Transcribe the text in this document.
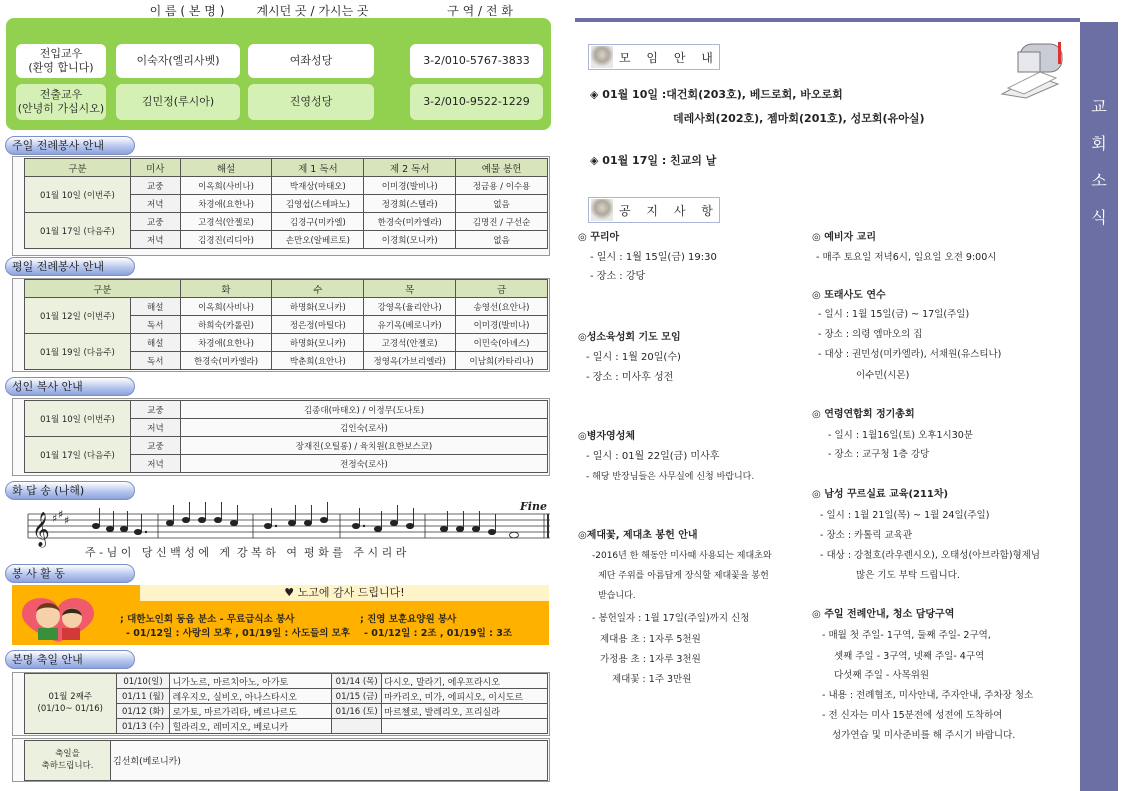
이 름 ( 본 명 )	계시던 곳 / 가시는 곳	구 역 / 전 화
전입교우
(환영 합니다)
이숙자(엘리사벳)	여좌성당	3-2/010-5767-3833
전출교우
(안녕히 가십시오)
김민정(루시아)	진영성당	3-2/010-9522-1229
주일 전례봉사 안내
구분	미사	해설	제 1 독서	제 2 독서	예물 봉헌
01월 10일 (이번주)	교중	이옥희(사비나)	박재상(마태오)	이미경(발비나)	정금용 / 이수용
	저녁	차경애(요한나)	김영섭(스테파노)	정경희(스텔라)	없음
01월 17일 (다음주)	교중	고경석(안젤로)	김경구(미카엘)	한경숙(미카엘라)	김명진 / 구선순
	저녁	김경진(리디아)	손만오(알베르토)	이경희(모니카)	없음
평일 전례봉사 안내
구분		화	수	목	금
01월 12일 (이번주)	해설	이옥희(사비나)	하명화(모니카)	강영옥(율리안나)	송영선(요안나)
	독서	하희숙(카롤린)	정은정(마틸다)	유기옥(베로니카)	이미경(발비나)
01월 19일 (다음주)	해설	차경애(요한나)	하명화(모니카)	고경석(안젤로)	이민숙(아녜스)
	독서	한경숙(미카엘라)	박춘희(요안나)	정영옥(가브리엘라)	이남희(카타리나)
성인 복사 안내
01월 10일 (이번주)	교중	김종대(마태오) / 이정무(도나토)
	저녁	김인숙(로사)
01월 17일 (다음주)	교중	장재진(오틸롱) / 육치원(요한보스코)
	저녁	전정숙(로사)
화 답 송 (나해)
𝄞 ♯ ♯ ♯
Fine
주 - 님 이   당 신 백 성 에   게  강 복 하   여  평 화 를   주 시 리 라
봉 사 활 동
♥ 노고에 감사 드립니다!
; 대한노인회 동읍 분소 - 무료급식소 봉사
- 01/12일 : 사랑의 모후 , 01/19일 : 사도들의 모후
; 진영 보훈요양원 봉사
- 01/12일 : 2조 , 01/19일 : 3조
본명 축일 안내
01월 2째주
(01/10~ 01/16)	01/10(일)	니가노르, 마르치아노, 아가토	01/14 (목)	다시오, 말라기, 에우프라시오
	01/11 (월)	레우지오, 실비오, 아나스타시오	01/15 (금)	마카리오, 미가, 에피시오, 이시도르
	01/12 (화)	로가토, 마르가리타, 베르나르도	01/16 (토)	마르첼로, 발레리오, 프리실라
	01/13 (수)	힐라리오, 레미지오, 베로니카		
축일을
축하드립니다.	김선희(베로니카)
교
회
소
식
모 임 안 내
◈ 01월 10일 :대건회(203호), 베드로회, 바오로회
데레사회(202호), 젬마회(201호), 성모회(유아실)
◈ 01월 17일 : 친교의 날
공 지 사 항
◎ 꾸리아
- 일시 : 1월 15일(금) 19:30
- 장소 : 강당
◎성소육성회 기도 모임
- 일시 : 1월 20일(수)
- 장소 : 미사후 성전
◎병자영성체
- 일시 : 01월 22일(금) 미사후
- 해당 반장님들은 사무실에 신청 바랍니다.
◎제대꽃, 제대초 봉헌 안내
-2016년 한 해동안 미사때 사용되는 제대초와
제단 주위를 아름답게 장식할 제대꽃을 봉헌
받습니다.
- 봉헌일자 : 1월 17일(주일)까지 신청
제대용 초 : 1자루 5천원
가정용 초 : 1자루 3천원
제대꽃 : 1주 3만원
◎ 예비자 교리
- 매주 토요일 저녁6시, 일요일 오전 9:00시
◎ 또래사도 연수
- 일시 : 1월 15일(금) ~ 17일(주일)
- 장소 : 의령 엠마오의 집
- 대상 : 권민성(미카엘라), 서채원(유스티나)
이수민(시몬)
◎ 연령연합회 정기총회
- 일시 : 1월16일(토) 오후1시30분
- 장소 : 교구청 1층 강당
◎ 남성 꾸르실료 교육(211차)
- 일시 : 1월 21일(목) ~ 1월 24일(주일)
- 장소 : 카톨릭 교육관
- 대상 : 강철호(라우렌시오), 오태성(아브라함)형제님
많은 기도 부탁 드립니다.
◎ 주일 전례안내, 청소 담당구역
- 매월 첫 주일- 1구역, 둘째 주일- 2구역,
셋째 주일 - 3구역, 넷째 주일- 4구역
다섯째 주일 - 사목위원
- 내용 : 전례협조, 미사안내, 주자안내, 주차장 청소
- 전 신자는 미사 15분전에 성전에 도착하여
성가연습 및 미사준비를 해 주시기 바랍니다.
